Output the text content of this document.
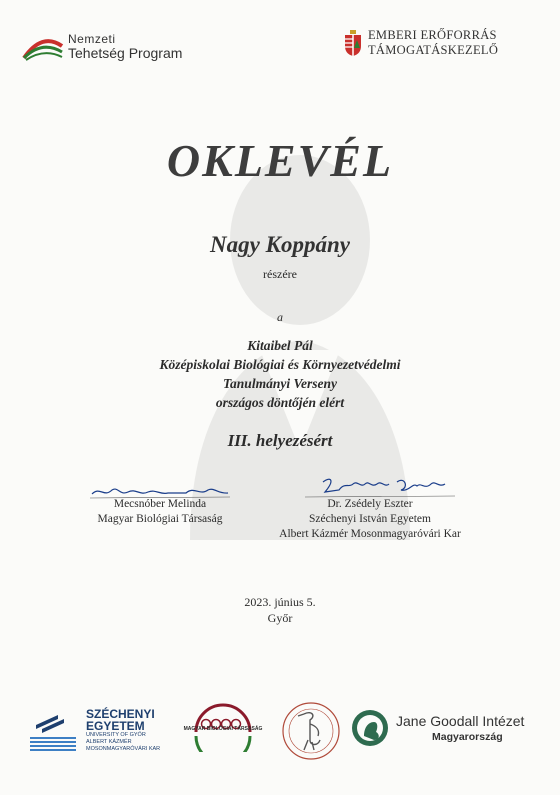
Nemzeti
Tehetség Program
EMBERI ERŐFORRÁS
TÁMOGATÁSKEZELŐ
OKLEVÉL
Nagy Koppány
részére
a
Kitaibel Pál
Középiskolai Biológiai és Környezetvédelmi
Tanulmányi Verseny
országos döntőjén elért
III. helyezésért
Mecsnóber Melinda
Magyar Biológiai Társaság
Dr. Zsédely Eszter
Széchenyi István Egyetem
Albert Kázmér Mosonmagyaróvári Kar
2023. június 5.
Győr
SZÉCHENYI
EGYETEM
UNIVERSITY OF GYŐR
ALBERT KÁZMÉR
MOSONMAGYARÓVÁRI KAR
MAGYAR BIOLÓGIAI TÁRSASÁG	Jane Goodall Intézet
Magyarország
